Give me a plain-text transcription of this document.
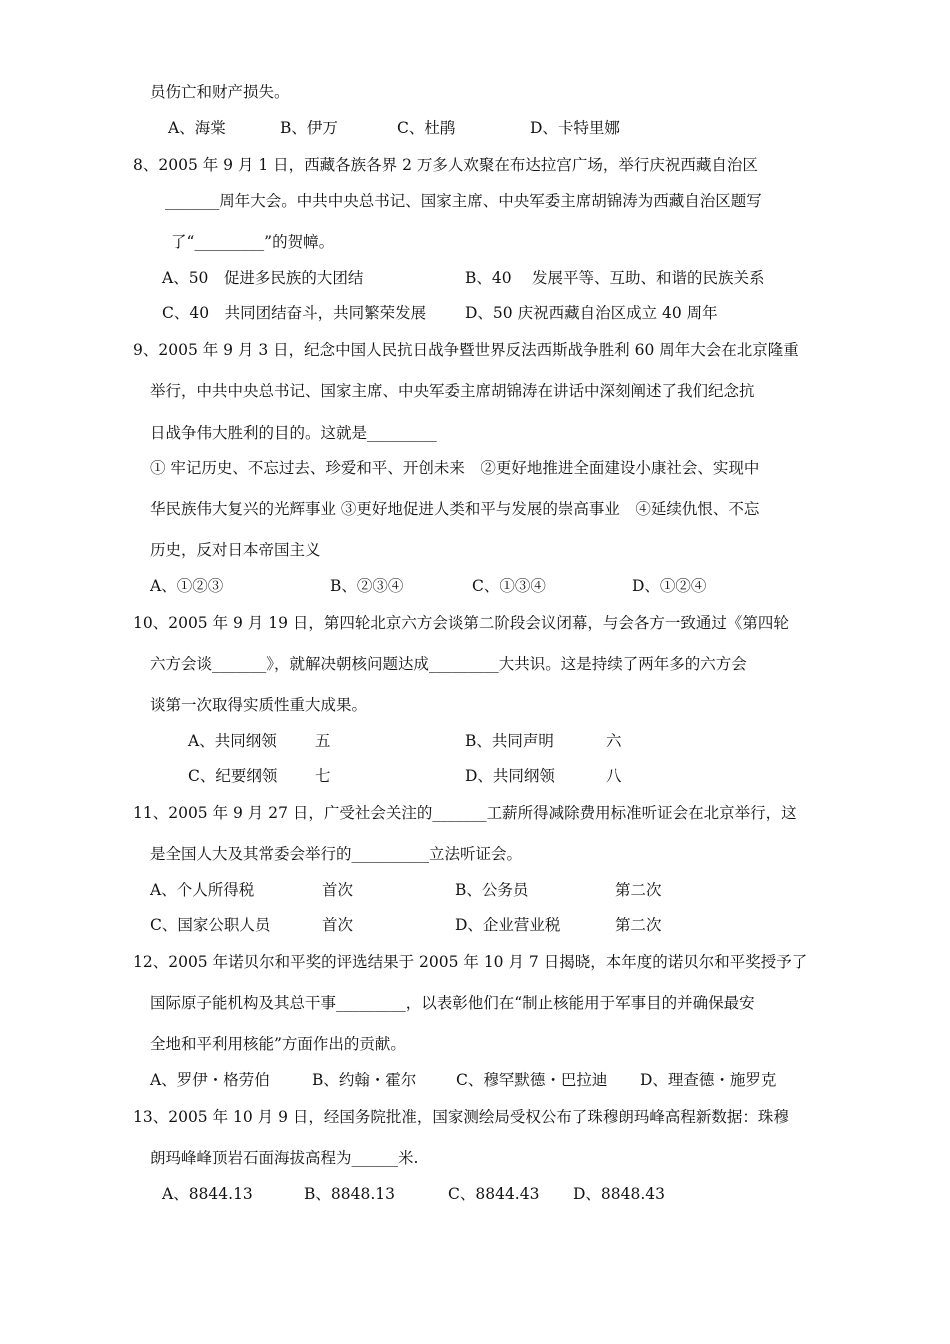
员伤亡和财产损失。
A、海棠	B、伊万	C、杜鹃	D、卡特里娜
8、2005 年 9 月 1 日，西藏各族各界 2 万多人欢聚在布达拉宫广场，举行庆祝西藏自治区
_______周年大会。中共中央总书记、国家主席、中央军委主席胡锦涛为西藏自治区题写
了“_________”的贺幛。
A、50　促进多民族的大团结	B、40　 发展平等、互助、和谐的民族关系
C、40　共同团结奋斗，共同繁荣发展	D、50 庆祝西藏自治区成立 40 周年
9、2005 年 9 月 3 日，纪念中国人民抗日战争暨世界反法西斯战争胜利 60 周年大会在北京隆重
举行，中共中央总书记、国家主席、中央军委主席胡锦涛在讲话中深刻阐述了我们纪念抗
日战争伟大胜利的目的。这就是_________
① 牢记历史、不忘过去、珍爱和平、开创未来　②更好地推进全面建设小康社会、实现中
华民族伟大复兴的光辉事业 ③更好地促进人类和平与发展的崇高事业　④延续仇恨、不忘
历史，反对日本帝国主义
A、①②③	B、②③④	C、①③④	D、①②④
10、2005 年 9 月 19 日，第四轮北京六方会谈第二阶段会议闭幕，与会各方一致通过《第四轮
六方会谈_______》，就解决朝核问题达成_________大共识。这是持续了两年多的六方会
谈第一次取得实质性重大成果。
A、共同纲领 五	B、共同声明	六
C、纪要纲领 七	D、共同纲领	八
11、2005 年 9 月 27 日，广受社会关注的_______工薪所得减除费用标准听证会在北京举行，这
是全国人大及其常委会举行的__________立法听证会。
A、个人所得税	首次	B、公务员	第二次
C、国家公职人员	首次	D、企业营业税	第二次
12、2005 年诺贝尔和平奖的评选结果于 2005 年 10 月 7 日揭晓，本年度的诺贝尔和平奖授予了
国际原子能机构及其总干事_________，以表彰他们在“制止核能用于军事目的并确保最安
全地和平利用核能”方面作出的贡献。
A、罗伊・格劳伯	B、约翰・霍尔	C、穆罕默德・巴拉迪 D、理查德・施罗克
13、2005 年 10 月 9 日，经国务院批准，国家测绘局受权公布了珠穆朗玛峰高程新数据：珠穆
朗玛峰峰顶岩石面海拔高程为______米.
A、8844.13	B、8848.13	C、8844.43 D、8848.43
